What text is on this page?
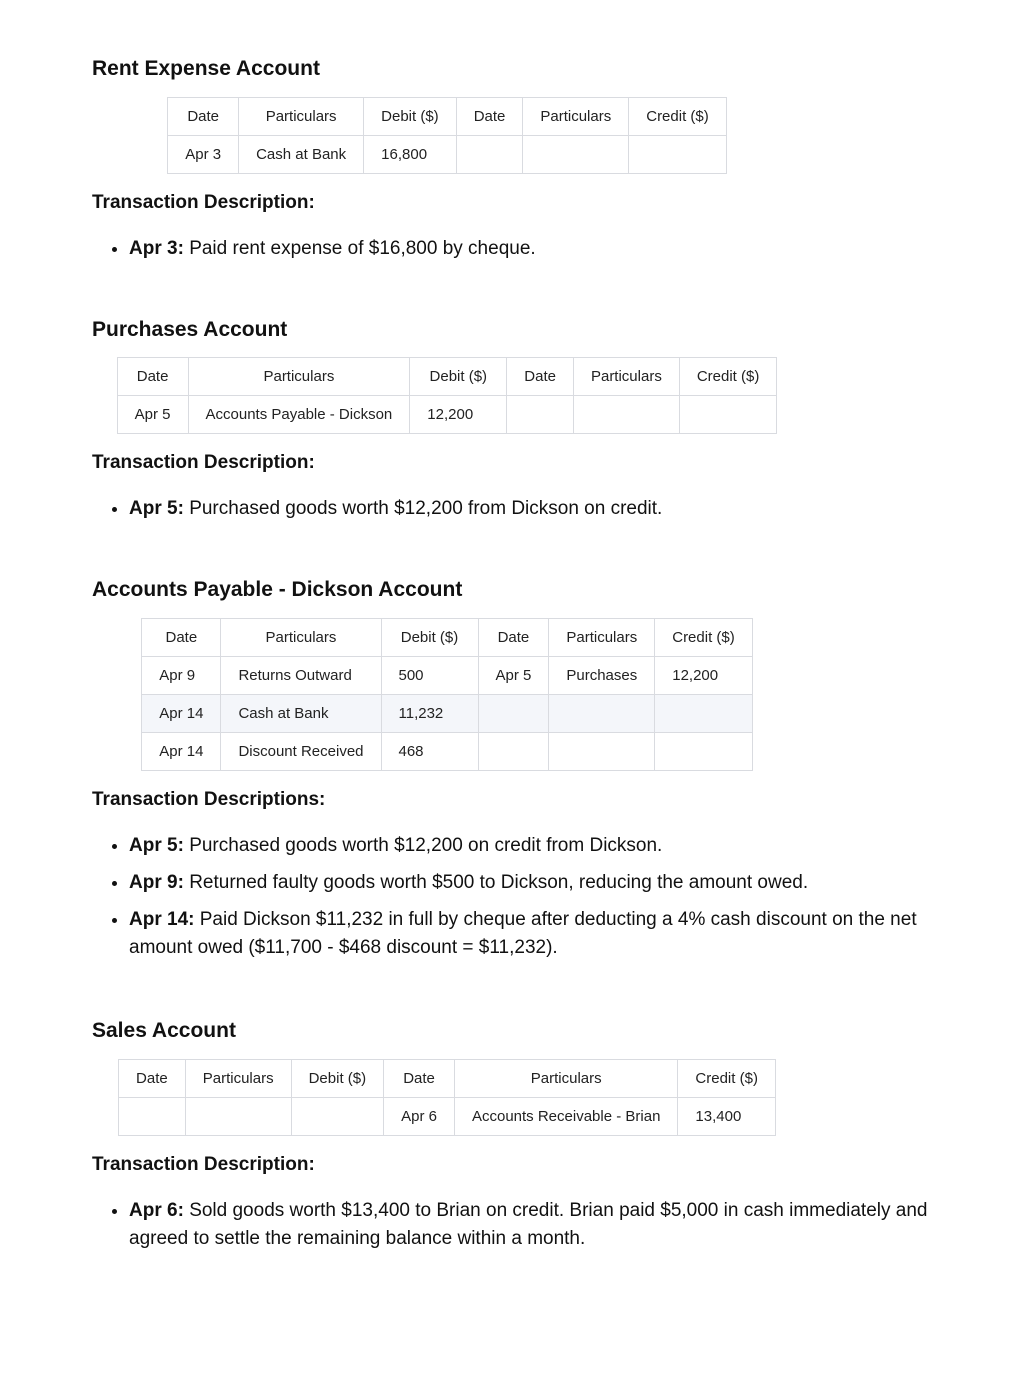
Rent Expense Account
Date	Particulars	Debit ($)	Date	Particulars	Credit ($)
Apr 3	Cash at Bank	16,800			

Transaction Description:

• Apr 3: Paid rent expense of $16,800 by cheque.
Purchases Account
Date	Particulars	Debit ($)	Date	Particulars	Credit ($)
Apr 5	Accounts Payable - Dickson	12,200			

Transaction Description:

• Apr 5: Purchased goods worth $12,200 from Dickson on credit.
Accounts Payable - Dickson Account
Date	Particulars	Debit ($)	Date	Particulars	Credit ($)
Apr 9	Returns Outward	500	Apr 5	Purchases	12,200
Apr 14	Cash at Bank	11,232			
Apr 14	Discount Received	468			

Transaction Descriptions:

• Apr 5: Purchased goods worth $12,200 on credit from Dickson.
• Apr 9: Returned faulty goods worth $500 to Dickson, reducing the amount owed.
• Apr 14: Paid Dickson $11,232 in full by cheque after deducting a 4% cash discount on the net amount owed ($11,700 - $468 discount = $11,232).
Sales Account
Date	Particulars	Debit ($)	Date	Particulars	Credit ($)
			Apr 6	Accounts Receivable - Brian	13,400

Transaction Description:

• Apr 6: Sold goods worth $13,400 to Brian on credit. Brian paid $5,000 in cash immediately and agreed to settle the remaining balance within a month.
